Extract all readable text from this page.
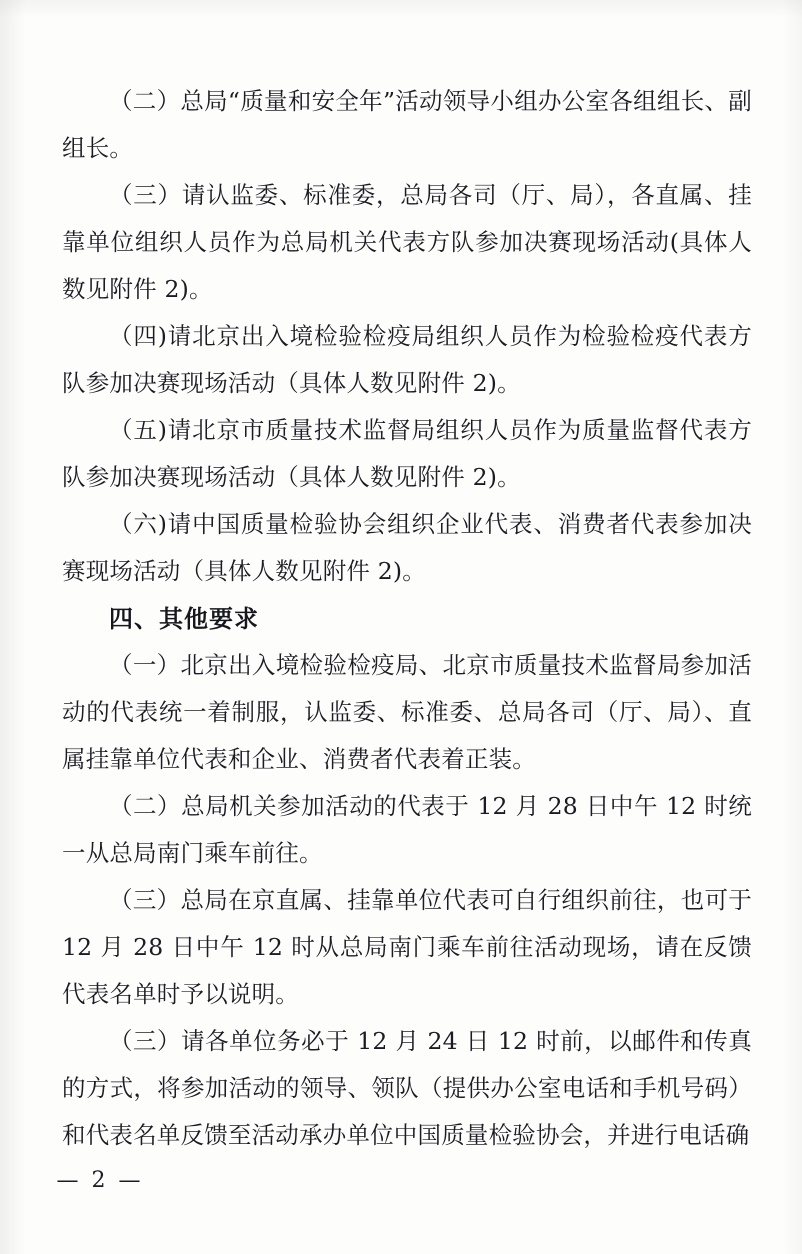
（二）总局“质量和安全年”活动领导小组办公室各组组长、副组长。

（三）请认监委、标准委，总局各司（厅、局），各直属、挂靠单位组织人员作为总局机关代表方队参加决赛现场活动(具体人数见附件 2)。

（四)请北京出入境检验检疫局组织人员作为检验检疫代表方队参加决赛现场活动（具体人数见附件 2)。

（五)请北京市质量技术监督局组织人员作为质量监督代表方队参加决赛现场活动（具体人数见附件 2)。

（六)请中国质量检验协会组织企业代表、消费者代表参加决赛现场活动（具体人数见附件 2)。

四、其他要求

（一）北京出入境检验检疫局、北京市质量技术监督局参加活动的代表统一着制服，认监委、标准委、总局各司（厅、局）、直属挂靠单位代表和企业、消费者代表着正装。

（二）总局机关参加活动的代表于 12 月 28 日中午 12 时统一从总局南门乘车前往。

（三）总局在京直属、挂靠单位代表可自行组织前往，也可于 12 月 28 日中午 12 时从总局南门乘车前往活动现场，请在反馈代表名单时予以说明。

（三）请各单位务必于 12 月 24 日 12 时前，以邮件和传真的方式，将参加活动的领导、领队（提供办公室电话和手机号码）和代表名单反馈至活动承办单位中国质量检验协会，并进行电话确

— 2 —
